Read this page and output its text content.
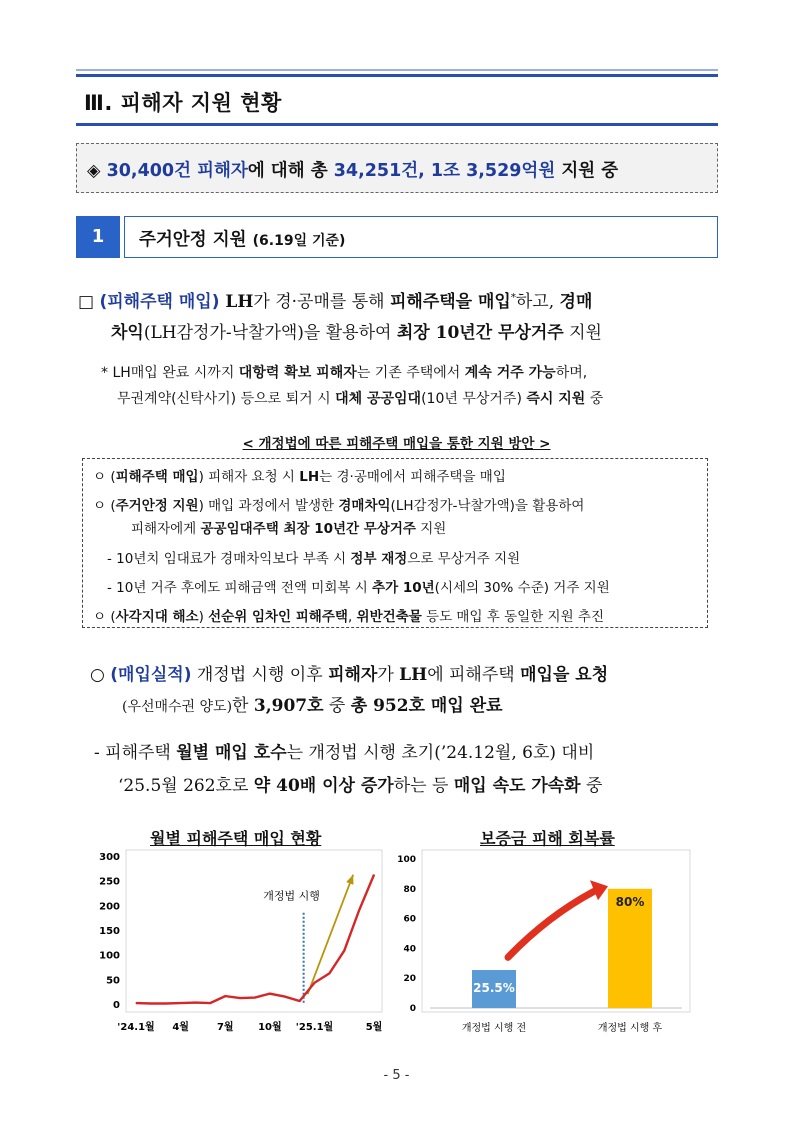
Ⅲ. 피해자 지원 현황
◈ 30,400건 피해자에 대해 총 34,251건, 1조 3,529억원 지원 중
1	주거안정 지원 (6.19일 기준)
□ (피해주택 매입) LH가 경·공매를 통해 피해주택을 매입*하고, 경매
차익(LH감정가-낙찰가액)을 활용하여 최장 10년간 무상거주 지원
* LH매입 완료 시까지 대항력 확보 피해자는 기존 주택에서 계속 거주 가능하며,
무권계약(신탁사기) 등으로 퇴거 시 대체 공공임대(10년 무상거주) 즉시 지원 중
< 개정법에 따른 피해주택 매입을 통한 지원 방안 >
ㅇ (피해주택 매입) 피해자 요청 시 LH는 경·공매에서 피해주택을 매입
ㅇ (주거안정 지원) 매입 과정에서 발생한 경매차익(LH감정가-낙찰가액)을 활용하여
피해자에게 공공임대주택 최장 10년간 무상거주 지원
- 10년치 임대료가 경매차익보다 부족 시 정부 재정으로 무상거주 지원
- 10년 거주 후에도 피해금액 전액 미회복 시 추가 10년(시세의 30% 수준) 거주 지원
ㅇ (사각지대 해소) 선순위 임차인 피해주택, 위반건축물 등도 매입 후 동일한 지원 추진
○ (매입실적) 개정법 시행 이후 피해자가 LH에 피해주택 매입을 요청
(우선매수권 양도)한 3,907호 중 총 952호 매입 완료
- 피해주택 월별 매입 호수는 개정법 시행 초기(’24.12월, 6호) 대비
‘25.5월 262호로 약 40배 이상 증가하는 등 매입 속도 가속화 중
월별 피해주택 매입 현황
0
50
100
150
200
250
300
'24.1월 4월	7월 10월 '25.1월	5월
개정법 시행
보증금 피해 회복률
0
20
40
60
80
100
25.5%
개정법 시행 전
80%
개정법 시행 후
- 5 -
